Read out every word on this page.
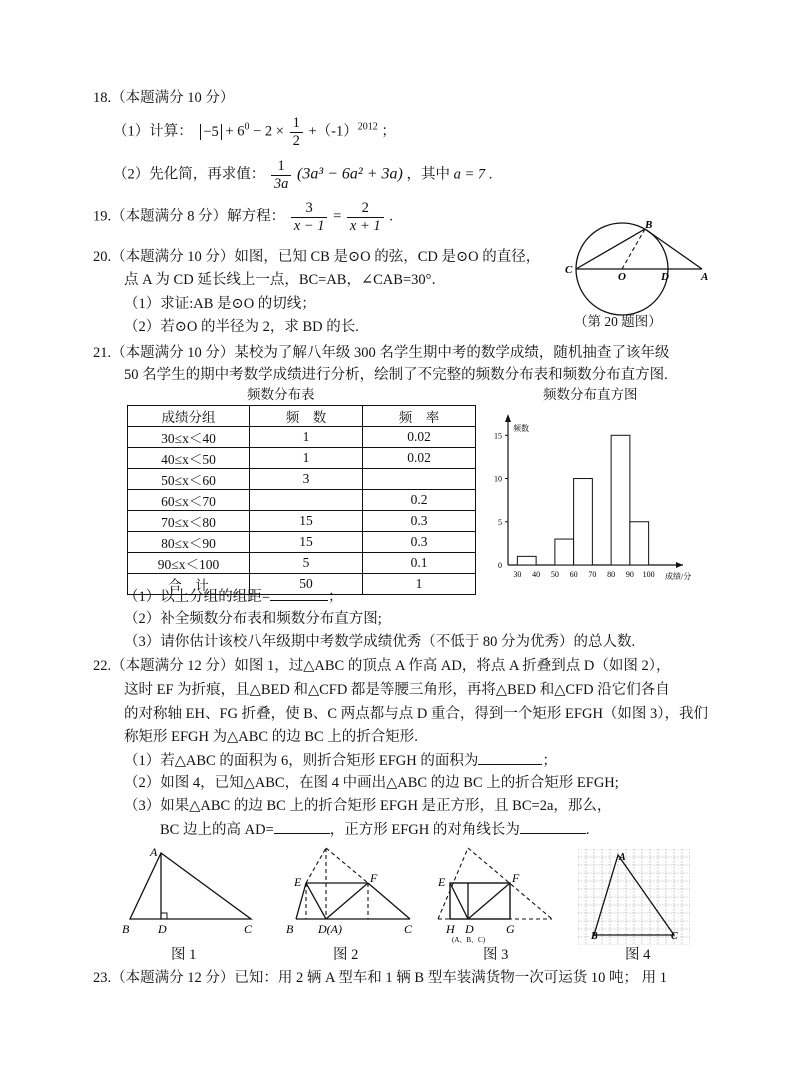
18.（本题满分 10 分）
（1）计算： $-5 + 6^0 - 2 \times \frac{1}{2} +(-1)^{2012}$ ；
（2）先化简，再求值： $\frac{1}{3a} (3a^3 - 6a^2 + 3a)$ ，其中 a = 7 .
19.（本题满分 8 分）解方程： $\frac{3}{x - 1} = \frac{2}{x + 1}$ .
20.（本题满分 10 分）如图，已知 CB 是⊙O 的弦，CD 是⊙O 的直径，
点 A 为 CD 延长线上一点，BC=AB，∠CAB=30°．
（1）求证:AB 是⊙O 的切线；
（2）若⊙O 的半径为 2，求 BD 的长.
B
C
O	D	A
（第 20 题图）
21.（本题满分 10 分）某校为了解八年级 300 名学生期中考的数学成绩，随机抽查了该年级
50 名学生的期中考数学成绩进行分析，绘制了不完整的频数分布表和频数分布直方图.
频数分布表	频数分布直方图
成绩分组	频　数	频　率
30≤x＜40	1	0.02
40≤x＜50	1	0.02
50≤x＜60	3	
60≤x＜70		0.2
70≤x＜80	15	0.3
80≤x＜90	15	0.3
90≤x＜100	5	0.1
合　计	50	1
0
5
10
15
30 40 50 60 70 80 90 100
频数
成绩/分
（1）以上分组的组距=	；
（2）补全频数分布表和频数分布直方图;
（3）请你估计该校八年级期中考数学成绩优秀（不低于 80 分为优秀）的总人数.
22.（本题满分 12 分）如图 1，过△ABC 的顶点 A 作高 AD，将点 A 折叠到点 D（如图 2），
这时 EF 为折痕，且△BED 和△CFD 都是等腰三角形，再将△BED 和△CFD 沿它们各自
的对称轴 EH、FG 折叠，使 B、C 两点都与点 D 重合，得到一个矩形 EFGH（如图 3），我们
称矩形 EFGH 为△ABC 的边 BC 上的折合矩形.
（1）若△ABC 的面积为 6，则折合矩形 EFGH 的面积为	；
（2）如图 4，已知△ABC，在图 4 中画出△ABC 的边 BC 上的折合矩形 EFGH;
（3）如果△ABC 的边 BC 上的折合矩形 EFGH 是正方形，且 BC=2a，那么，
BC 边上的高 AD=	，正方形 EFGH 的对角线长为	.
A
B D	C
图 1
E	F
B D(A)	C
图 2
E	F
H D	G
(A、B、C)
图 3
A
B	C
图 4
23.（本题满分 12 分）已知：用 2 辆 A 型车和 1 辆 B 型车装满货物一次可运货 10 吨； 用 1
